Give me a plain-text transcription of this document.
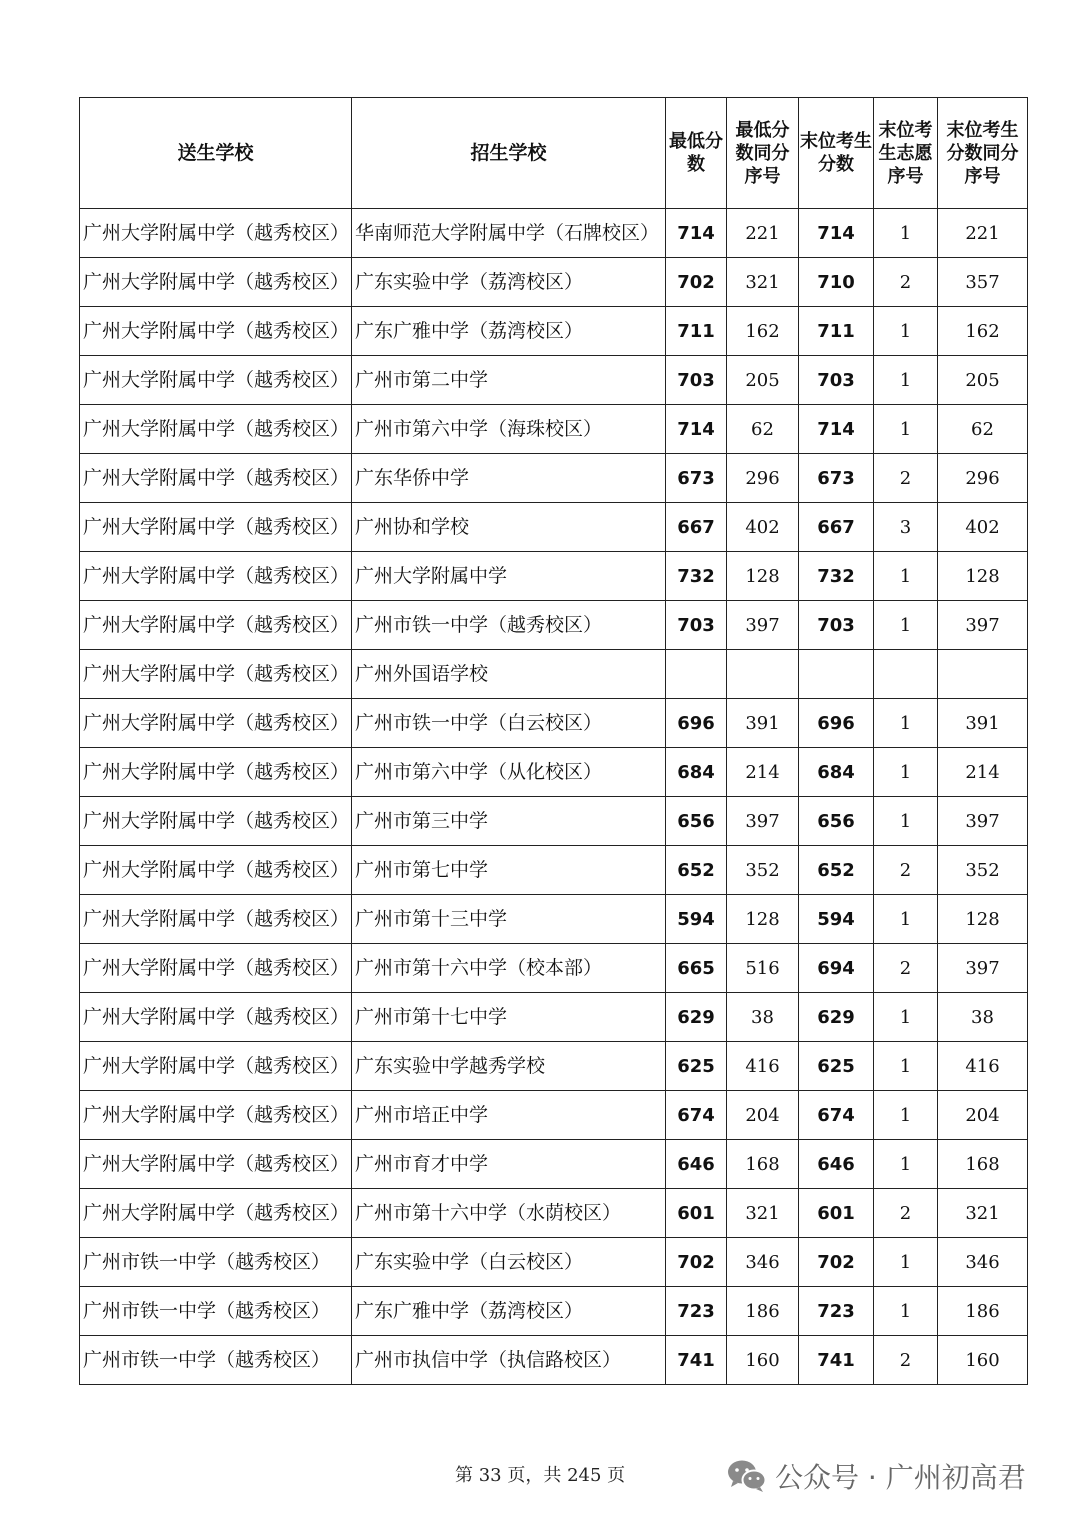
送生学校	招生学校	最低分数	最低分数同分序号	末位考生分数	末位考生志愿序号	末位考生分数同分序号
广州大学附属中学（越秀校区）	华南师范大学附属中学（石牌校区）	714	221	714	1	221
广州大学附属中学（越秀校区）	广东实验中学（荔湾校区）	702	321	710	2	357
广州大学附属中学（越秀校区）	广东广雅中学（荔湾校区）	711	162	711	1	162
广州大学附属中学（越秀校区）	广州市第二中学	703	205	703	1	205
广州大学附属中学（越秀校区）	广州市第六中学（海珠校区）	714	62	714	1	62
广州大学附属中学（越秀校区）	广东华侨中学	673	296	673	2	296
广州大学附属中学（越秀校区）	广州协和学校	667	402	667	3	402
广州大学附属中学（越秀校区）	广州大学附属中学	732	128	732	1	128
广州大学附属中学（越秀校区）	广州市铁一中学（越秀校区）	703	397	703	1	397
广州大学附属中学（越秀校区）	广州外国语学校					
广州大学附属中学（越秀校区）	广州市铁一中学（白云校区）	696	391	696	1	391
广州大学附属中学（越秀校区）	广州市第六中学（从化校区）	684	214	684	1	214
广州大学附属中学（越秀校区）	广州市第三中学	656	397	656	1	397
广州大学附属中学（越秀校区）	广州市第七中学	652	352	652	2	352
广州大学附属中学（越秀校区）	广州市第十三中学	594	128	594	1	128
广州大学附属中学（越秀校区）	广州市第十六中学（校本部）	665	516	694	2	397
广州大学附属中学（越秀校区）	广州市第十七中学	629	38	629	1	38
广州大学附属中学（越秀校区）	广东实验中学越秀学校	625	416	625	1	416
广州大学附属中学（越秀校区）	广州市培正中学	674	204	674	1	204
广州大学附属中学（越秀校区）	广州市育才中学	646	168	646	1	168
广州大学附属中学（越秀校区）	广州市第十六中学（水荫校区）	601	321	601	2	321
广州市铁一中学（越秀校区）	广东实验中学（白云校区）	702	346	702	1	346
广州市铁一中学（越秀校区）	广东广雅中学（荔湾校区）	723	186	723	1	186
广州市铁一中学（越秀校区）	广州市执信中学（执信路校区）	741	160	741	2	160
第 33 页，共 245 页	公众号 · 广州初高君
